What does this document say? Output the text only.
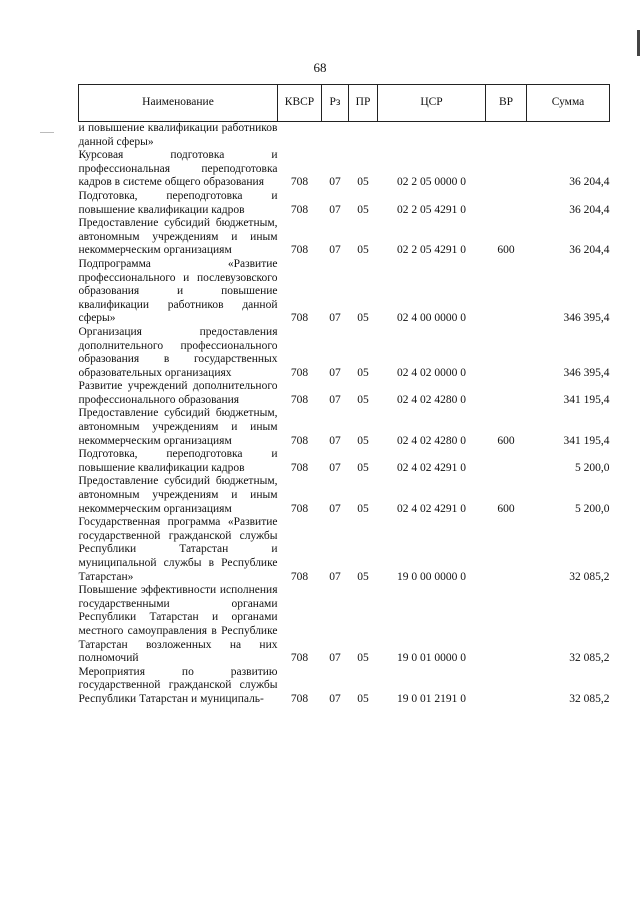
68
Наименование	КВСР	Рз	ПР	ЦСР	ВР	Сумма
и повышение квалификации работников данной сферы»						
Курсовая подготовка и профессиональная переподготовка кадров в системе общего образования	708	07	05	02 2 05 0000 0		36 204,4
Подготовка, переподготовка и повышение квалификации кадров	708	07	05	02 2 05 4291 0		36 204,4
Предоставление субсидий бюджетным, автономным учреждениям и иным некоммерческим организациям	708	07	05	02 2 05 4291 0	600	36 204,4
Подпрограмма «Развитие профессионального и послевузовского образования и повышение квалификации работников данной сферы»	708	07	05	02 4 00 0000 0		346 395,4
Организация предоставления дополнительного профессионального образования в государственных образовательных организациях	708	07	05	02 4 02 0000 0		346 395,4
Развитие учреждений дополнительного профессионального образования	708	07	05	02 4 02 4280 0		341 195,4
Предоставление субсидий бюджетным, автономным учреждениям и иным некоммерческим организациям	708	07	05	02 4 02 4280 0	600	341 195,4
Подготовка, переподготовка и повышение квалификации кадров	708	07	05	02 4 02 4291 0		5 200,0
Предоставление субсидий бюджетным, автономным учреждениям и иным некоммерческим организациям	708	07	05	02 4 02 4291 0	600	5 200,0
Государственная программа «Развитие государственной гражданской службы Республики Татарстан и муниципальной службы в Республике Татарстан»	708	07	05	19 0 00 0000 0		32 085,2
Повышение эффективности исполнения государственными органами Республики Татарстан и органами местного самоуправления в Республике Татарстан возложенных на них полномочий	708	07	05	19 0 01 0000 0		32 085,2
Мероприятия по развитию государственной гражданской службы Республики Татарстан и муниципаль-	708	07	05	19 0 01 2191 0		32 085,2
